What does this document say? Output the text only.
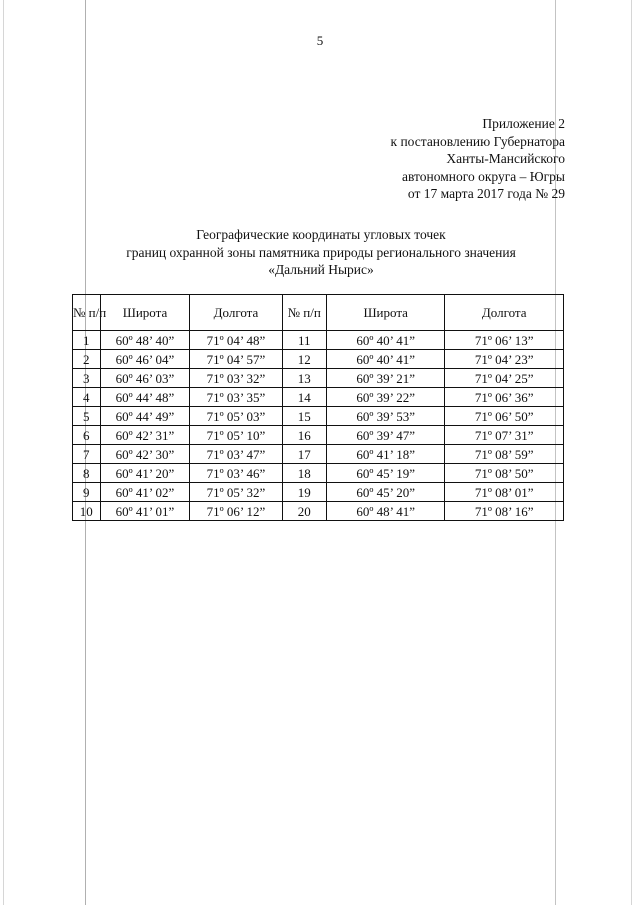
5
Приложение 2
к постановлению Губернатора
Ханты-Мансийского
автономного округа – Югры
от 17 марта 2017 года № 29
Географические координаты угловых точек
границ охранной зоны памятника природы регионального значения
«Дальний Нырис»
№ п/п	Широта	Долгота	№ п/п	Широта	Долгота
1	60º 48’ 40”	71º 04’ 48”	11	60º 40’ 41”	71º 06’ 13”
2	60º 46’ 04”	71º 04’ 57”	12	60º 40’ 41”	71º 04’ 23”
3	60º 46’ 03”	71º 03’ 32”	13	60º 39’ 21”	71º 04’ 25”
4	60º 44’ 48”	71º 03’ 35”	14	60º 39’ 22”	71º 06’ 36”
5	60º 44’ 49”	71º 05’ 03”	15	60º 39’ 53”	71º 06’ 50”
6	60º 42’ 31”	71º 05’ 10”	16	60º 39’ 47”	71º 07’ 31”
7	60º 42’ 30”	71º 03’ 47”	17	60º 41’ 18”	71º 08’ 59”
8	60º 41’ 20”	71º 03’ 46”	18	60º 45’ 19”	71º 08’ 50”
9	60º 41’ 02”	71º 05’ 32”	19	60º 45’ 20”	71º 08’ 01”
10	60º 41’ 01”	71º 06’ 12”	20	60º 48’ 41”	71º 08’ 16”
